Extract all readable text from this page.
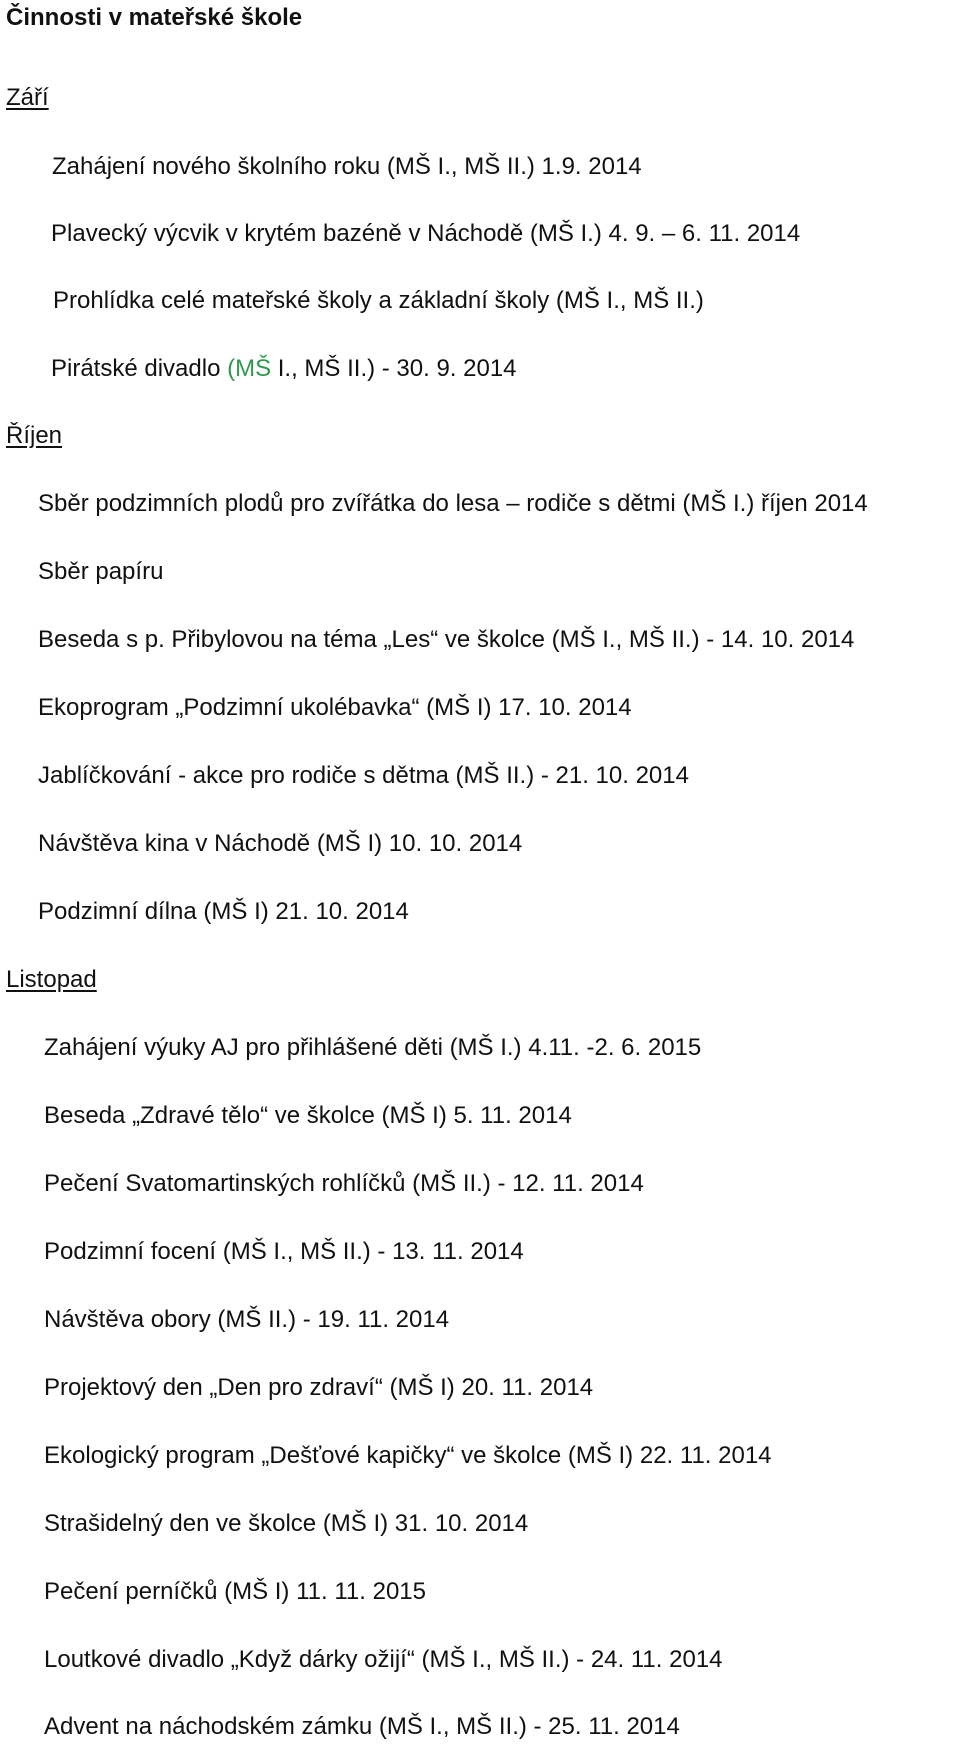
Činnosti v mateřské škole
Září
Zahájení nového školního roku (MŠ I., MŠ II.) 1.9. 2014
Plavecký výcvik v krytém bazéně v Náchodě (MŠ I.) 4. 9. – 6. 11. 2014
Prohlídka celé mateřské školy a základní školy (MŠ I., MŠ II.)
Pirátské divadlo (MŠ I., MŠ II.) - 30. 9. 2014
Říjen
Sběr podzimních plodů pro zvířátka do lesa – rodiče s dětmi (MŠ I.) říjen 2014
Sběr papíru
Beseda s p. Přibylovou na téma „Les“ ve školce (MŠ I., MŠ II.) - 14. 10. 2014
Ekoprogram „Podzimní ukolébavka“ (MŠ I) 17. 10. 2014
Jablíčkování - akce pro rodiče s dětma (MŠ II.) - 21. 10. 2014
Návštěva kina v Náchodě (MŠ I) 10. 10. 2014
Podzimní dílna (MŠ I) 21. 10. 2014
Listopad
Zahájení výuky AJ pro přihlášené děti (MŠ I.) 4.11. -2. 6. 2015
Beseda „Zdravé tělo“ ve školce (MŠ I) 5. 11. 2014
Pečení Svatomartinských rohlíčků (MŠ II.) - 12. 11. 2014
Podzimní focení (MŠ I., MŠ II.) - 13. 11. 2014
Návštěva obory (MŠ II.) - 19. 11. 2014
Projektový den „Den pro zdraví“ (MŠ I) 20. 11. 2014
Ekologický program „Dešťové kapičky“ ve školce (MŠ I) 22. 11. 2014
Strašidelný den ve školce (MŠ I) 31. 10. 2014
Pečení perníčků (MŠ I) 11. 11. 2015
Loutkové divadlo „Když dárky ožijí“ (MŠ I., MŠ II.) - 24. 11. 2014
Advent na náchodském zámku (MŠ I., MŠ II.) - 25. 11. 2014
